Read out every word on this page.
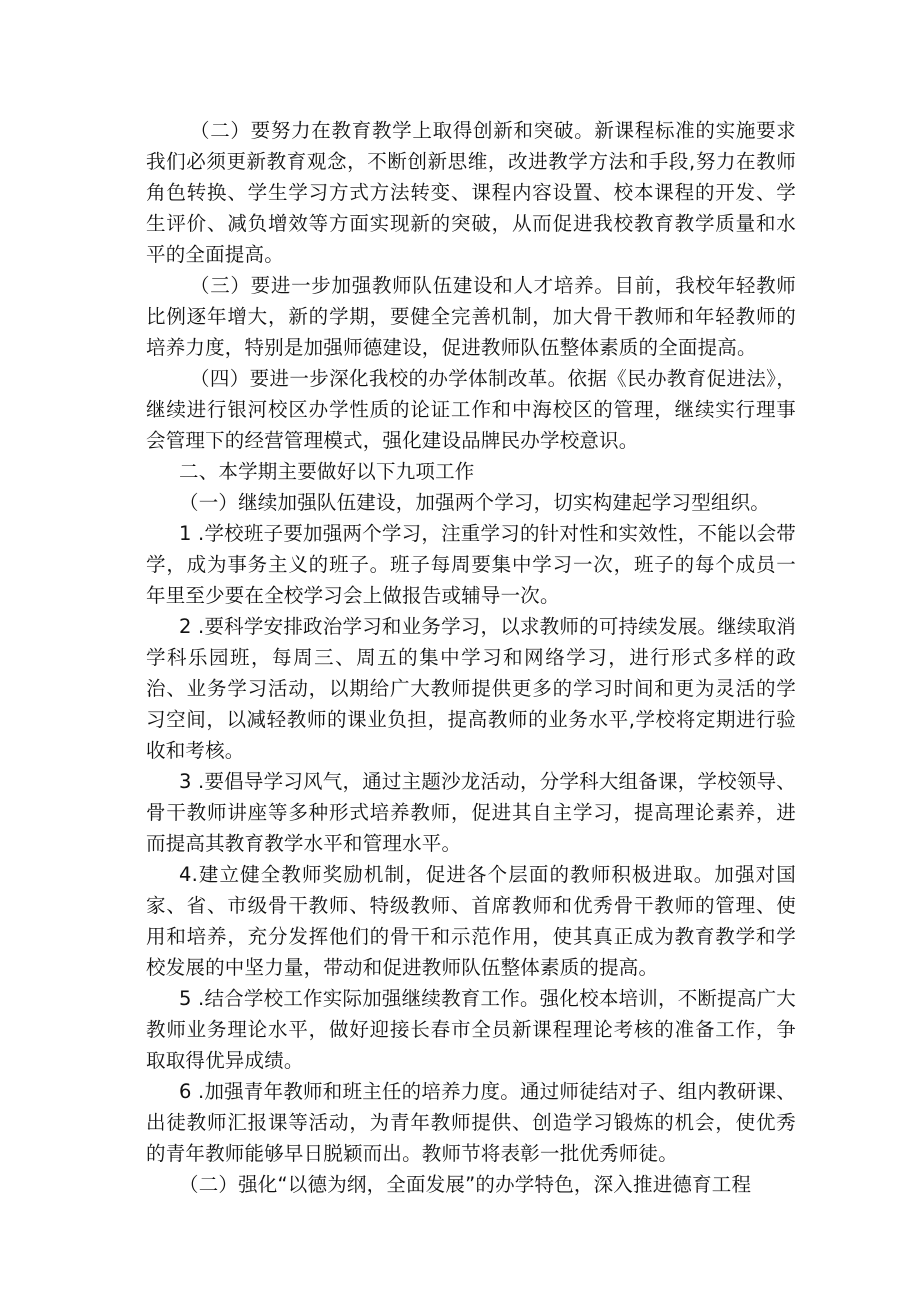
（二）要努力在教育教学上取得创新和突破。新课程标准的实施要求我们必须更新教育观念，不断创新思维，改进教学方法和手段,努力在教师角色转换、学生学习方式方法转变、课程内容设置、校本课程的开发、学生评价、减负增效等方面实现新的突破，从而促进我校教育教学质量和水平的全面提高。

（三）要进一步加强教师队伍建设和人才培养。目前，我校年轻教师比例逐年增大，新的学期，要健全完善机制，加大骨干教师和年轻教师的培养力度，特别是加强师德建设，促进教师队伍整体素质的全面提高。

（四）要进一步深化我校的办学体制改革。依据《民办教育促进法》，继续进行银河校区办学性质的论证工作和中海校区的管理，继续实行理事会管理下的经营管理模式，强化建设品牌民办学校意识。

二、本学期主要做好以下九项工作

（一）继续加强队伍建设，加强两个学习，切实构建起学习型组织。

1 .学校班子要加强两个学习，注重学习的针对性和实效性，不能以会带学，成为事务主义的班子。班子每周要集中学习一次，班子的每个成员一年里至少要在全校学习会上做报告或辅导一次。

2 .要科学安排政治学习和业务学习，以求教师的可持续发展。继续取消学科乐园班，每周三、周五的集中学习和网络学习，进行形式多样的政治、业务学习活动，以期给广大教师提供更多的学习时间和更为灵活的学习空间，以减轻教师的课业负担，提高教师的业务水平,学校将定期进行验收和考核。

3 .要倡导学习风气，通过主题沙龙活动，分学科大组备课，学校领导、骨干教师讲座等多种形式培养教师，促进其自主学习，提高理论素养，进而提高其教育教学水平和管理水平。

4.建立健全教师奖励机制，促进各个层面的教师积极进取。加强对国家、省、市级骨干教师、特级教师、首席教师和优秀骨干教师的管理、使用和培养，充分发挥他们的骨干和示范作用，使其真正成为教育教学和学校发展的中坚力量，带动和促进教师队伍整体素质的提高。

5 .结合学校工作实际加强继续教育工作。强化校本培训，不断提高广大教师业务理论水平，做好迎接长春市全员新课程理论考核的准备工作，争取取得优异成绩。

6 .加强青年教师和班主任的培养力度。通过师徒结对子、组内教研课、出徒教师汇报课等活动，为青年教师提供、创造学习锻炼的机会，使优秀的青年教师能够早日脱颖而出。教师节将表彰一批优秀师徒。

（二）强化“以德为纲，全面发展”的办学特色，深入推进德育工程
